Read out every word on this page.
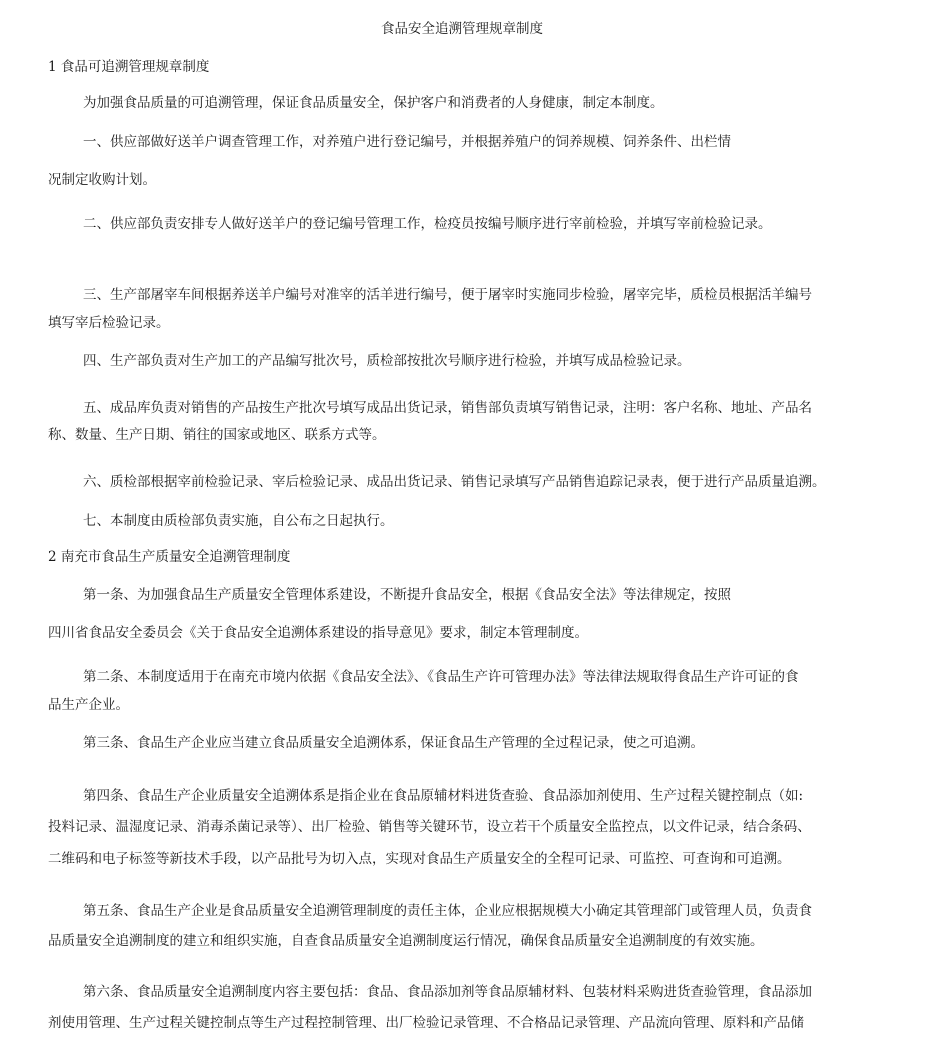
食品安全追溯管理规章制度
1 食品可追溯管理规章制度
为加强食品质量的可追溯管理，保证食品质量安全，保护客户和消费者的人身健康，制定本制度。
一、供应部做好送羊户调查管理工作，对养殖户进行登记编号，并根据养殖户的饲养规模、饲养条件、出栏情
况制定收购计划。
二、供应部负责安排专人做好送羊户的登记编号管理工作，检疫员按编号顺序进行宰前检验，并填写宰前检验记录。
三、生产部屠宰车间根据养送羊户编号对准宰的活羊进行编号，便于屠宰时实施同步检验，屠宰完毕，质检员根据活羊编号
填写宰后检验记录。
四、生产部负责对生产加工的产品编写批次号，质检部按批次号顺序进行检验，并填写成品检验记录。
五、成品库负责对销售的产品按生产批次号填写成品出货记录，销售部负责填写销售记录，注明：客户名称、地址、产品名
称、数量、生产日期、销往的国家或地区、联系方式等。
六、质检部根据宰前检验记录、宰后检验记录、成品出货记录、销售记录填写产品销售追踪记录表，便于进行产品质量追溯。
七、本制度由质检部负责实施，自公布之日起执行。
2 南充市食品生产质量安全追溯管理制度
第一条、为加强食品生产质量安全管理体系建设，不断提升食品安全，根据《食品安全法》等法律规定，按照
四川省食品安全委员会《关于食品安全追溯体系建设的指导意见》要求，制定本管理制度。
第二条、本制度适用于在南充市境内依据《食品安全法》、《食品生产许可管理办法》等法律法规取得食品生产许可证的食
品生产企业。
第三条、食品生产企业应当建立食品质量安全追溯体系，保证食品生产管理的全过程记录，使之可追溯。
第四条、食品生产企业质量安全追溯体系是指企业在食品原辅材料进货查验、食品添加剂使用、生产过程关键控制点（如:
投料记录、温湿度记录、消毒杀菌记录等）、出厂检验、销售等关键环节，设立若干个质量安全监控点，以文件记录，结合条码、
二维码和电子标签等新技术手段，以产品批号为切入点，实现对食品生产质量安全的全程可记录、可监控、可查询和可追溯。
第五条、食品生产企业是食品质量安全追溯管理制度的责任主体，企业应根据规模大小确定其管理部门或管理人员，负责食
品质量安全追溯制度的建立和组织实施，自查食品质量安全追溯制度运行情况，确保食品质量安全追溯制度的有效实施。
第六条、食品质量安全追溯制度内容主要包括：食品、食品添加剂等食品原辅材料、包装材料采购进货查验管理，食品添加
剂使用管理、生产过程关键控制点等生产过程控制管理、出厂检验记录管理、不合格品记录管理、产品流向管理、原料和产品储
